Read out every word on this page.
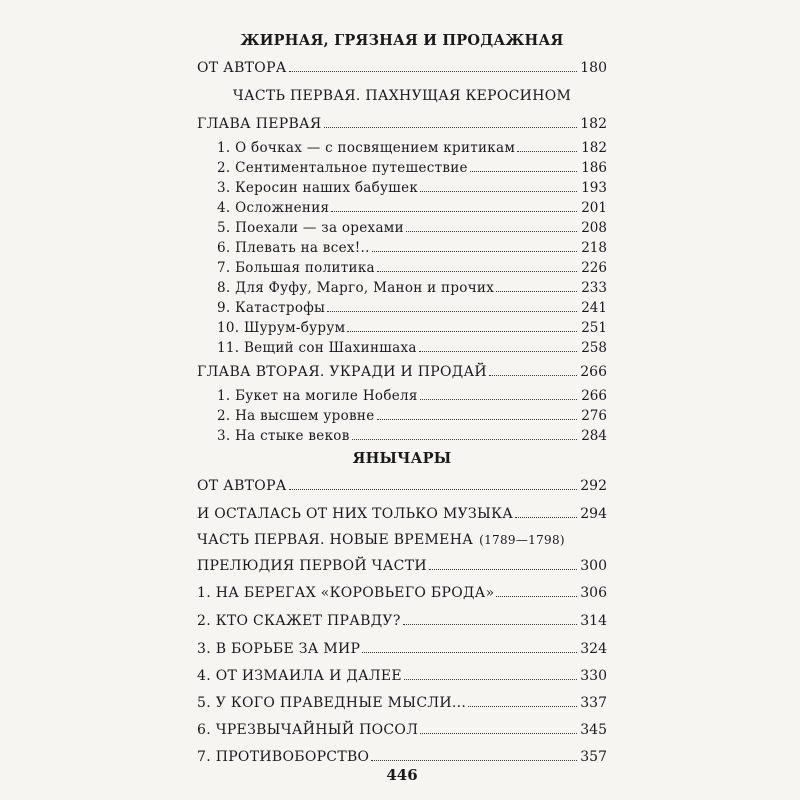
ЖИРНАЯ, ГРЯЗНАЯ И ПРОДАЖНАЯ
ОТ АВТОРА	180
ЧАСТЬ ПЕРВАЯ. ПАХНУЩАЯ КЕРОСИНОМ
ГЛАВА ПЕРВАЯ	182
1. О бочках — с посвящением критикам	182
2. Сентиментальное путешествие	186
3. Керосин наших бабушек	193
4. Осложнения	201
5. Поехали — за орехами	208
6. Плевать на всех!..	218
7. Большая политика	226
8. Для Фуфу, Марго, Манон и прочих	233
9. Катастрофы	241
10. Шурум-бурум	251
11. Вещий сон Шахиншаха	258
ГЛАВА ВТОРАЯ. УКРАДИ И ПРОДАЙ	266
1. Букет на могиле Нобеля	266
2. На высшем уровне	276
3. На стыке веков	284
ЯНЫЧАРЫ
ОТ АВТОРА	292
И ОСТАЛАСЬ ОТ НИХ ТОЛЬКО МУЗЫКА	294
ЧАСТЬ ПЕРВАЯ. НОВЫЕ ВРЕМЕНА (1789—1798)
ПРЕЛЮДИЯ ПЕРВОЙ ЧАСТИ	300
1. НА БЕРЕГАХ «КОРОВЬЕГО БРОДА»	306
2. КТО СКАЖЕТ ПРАВДУ?	314
3. В БОРЬБЕ ЗА МИР	324
4. ОТ ИЗМАИЛА И ДАЛЕЕ	330
5. У КОГО ПРАВЕДНЫЕ МЫСЛИ...	337
6. ЧРЕЗВЫЧАЙНЫЙ ПОСОЛ	345
7. ПРОТИВОБОРСТВО	357
446
